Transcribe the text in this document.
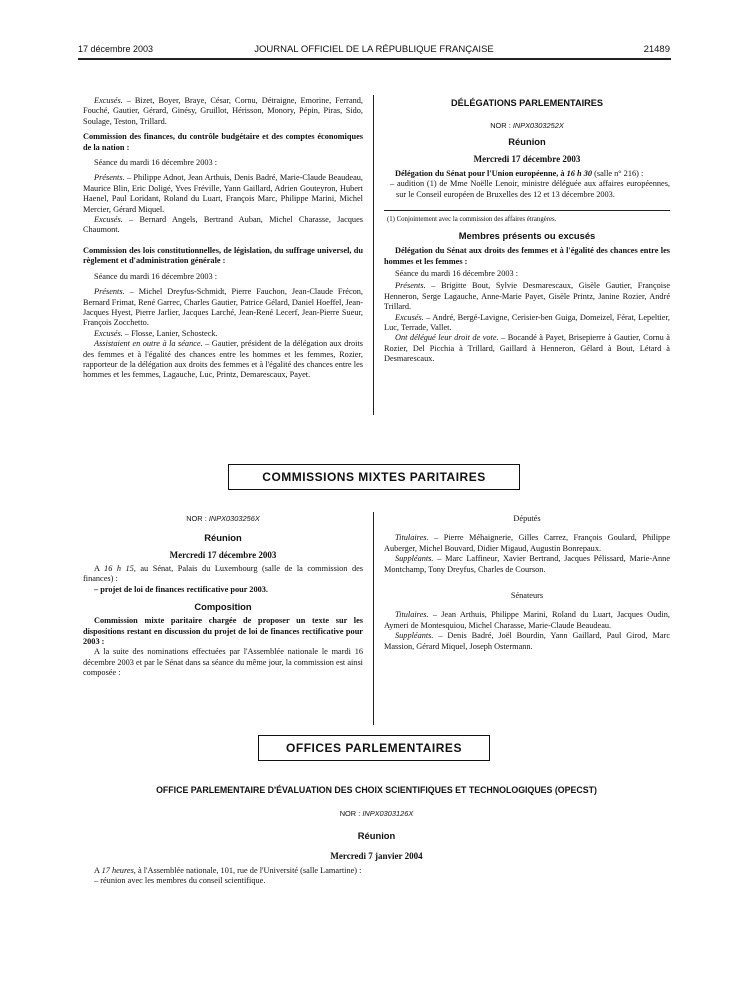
17 décembre 2003	JOURNAL OFFICIEL DE LA RÉPUBLIQUE FRANÇAISE	21489

Excusés. – Bizet, Boyer, Braye, César, Cornu, Détraigne, Emorine, Ferrand, Fouché, Gautier, Gérard, Ginésy, Gruillot, Hérisson, Monory, Pépin, Piras, Sido, Soulage, Teston, Trillard.

Commission des finances, du contrôle budgétaire et des comptes économiques de la nation :

Séance du mardi 16 décembre 2003 :

Présents. – Philippe Adnot, Jean Arthuis, Denis Badré, Marie-Claude Beaudeau, Maurice Blin, Eric Doligé, Yves Fréville, Yann Gaillard, Adrien Gouteyron, Hubert Haenel, Paul Loridant, Roland du Luart, François Marc, Philippe Marini, Michel Mercier, Gérard Miquel.

Excusés. – Bernard Angels, Bertrand Auban, Michel Charasse, Jacques Chaumont.

Commission des lois constitutionnelles, de législation, du suffrage universel, du règlement et d'administration générale :

Séance du mardi 16 décembre 2003 :

Présents. – Michel Dreyfus-Schmidt, Pierre Fauchon, Jean-Claude Frécon, Bernard Frimat, René Garrec, Charles Gautier, Patrice Gélard, Daniel Hoeffel, Jean-Jacques Hyest, Pierre Jarlier, Jacques Larché, Jean-René Lecerf, Jean-Pierre Sueur, François Zocchetto.

Excusés. – Flosse, Lanier, Schosteck.

Assistaient en outre à la séance. – Gautier, président de la délégation aux droits des femmes et à l'égalité des chances entre les hommes et les femmes, Rozier, rapporteur de la délégation aux droits des femmes et à l'égalité des chances entre les hommes et les femmes, Lagauche, Luc, Printz, Demarescaux, Payet.

DÉLÉGATIONS PARLEMENTAIRES
NOR : INPX0303252X
Réunion
Mercredi 17 décembre 2003

Délégation du Sénat pour l'Union européenne, à 16 h 30 (salle n° 216) :

– audition (1) de Mme Noëlle Lenoir, ministre déléguée aux affaires européennes, sur le Conseil européen de Bruxelles des 12 et 13 décembre 2003.

(1) Conjointement avec la commission des affaires étrangères.
Membres présents ou excusés

Délégation du Sénat aux droits des femmes et à l'égalité des chances entre les hommes et les femmes :

Séance du mardi 16 décembre 2003 :

Présents. – Brigitte Bout, Sylvie Desmarescaux, Gisèle Gautier, Françoise Henneron, Serge Lagauche, Anne-Marie Payet, Gisèle Printz, Janine Rozier, André Trillard.

Excusés. – André, Bergé-Lavigne, Cerisier-ben Guiga, Domeizel, Férat, Lepeltier, Luc, Terrade, Vallet.

Ont délégué leur droit de vote. – Bocandé à Payet, Brisepierre à Gautier, Cornu à Rozier, Del Picchia à Trillard, Gaillard à Henneron, Gélard à Bout, Létard à Desmarescaux.

COMMISSIONS MIXTES PARITAIRES
NOR : INPX0303256X
Réunion
Mercredi 17 décembre 2003

A 16 h 15, au Sénat, Palais du Luxembourg (salle de la commission des finances) :

– projet de loi de finances rectificative pour 2003.

Composition

Commission mixte paritaire chargée de proposer un texte sur les dispositions restant en discussion du projet de loi de finances rectificative pour 2003 :

A la suite des nominations effectuées par l'Assemblée nationale le mardi 16 décembre 2003 et par le Sénat dans sa séance du même jour, la commission est ainsi composée :

Députés

Titulaires. – Pierre Méhaignerie, Gilles Carrez, François Goulard, Philippe Auberger, Michel Bouvard, Didier Migaud, Augustin Bonrepaux.

Suppléants. – Marc Laffineur, Xavier Bertrand, Jacques Pélissard, Marie-Anne Montchamp, Tony Dreyfus, Charles de Courson.

Sénateurs

Titulaires. – Jean Arthuis, Philippe Marini, Roland du Luart, Jacques Oudin, Aymeri de Montesquiou, Michel Charasse, Marie-Claude Beaudeau.

Suppléants. – Denis Badré, Joël Bourdin, Yann Gaillard, Paul Girod, Marc Massion, Gérard Miquel, Joseph Ostermann.

OFFICES PARLEMENTAIRES
OFFICE PARLEMENTAIRE D'ÉVALUATION DES CHOIX SCIENTIFIQUES ET TECHNOLOGIQUES (OPECST)
NOR : INPX0303126X
Réunion
Mercredi 7 janvier 2004

A 17 heures, à l'Assemblée nationale, 101, rue de l'Université (salle Lamartine) :

– réunion avec les membres du conseil scientifique.
